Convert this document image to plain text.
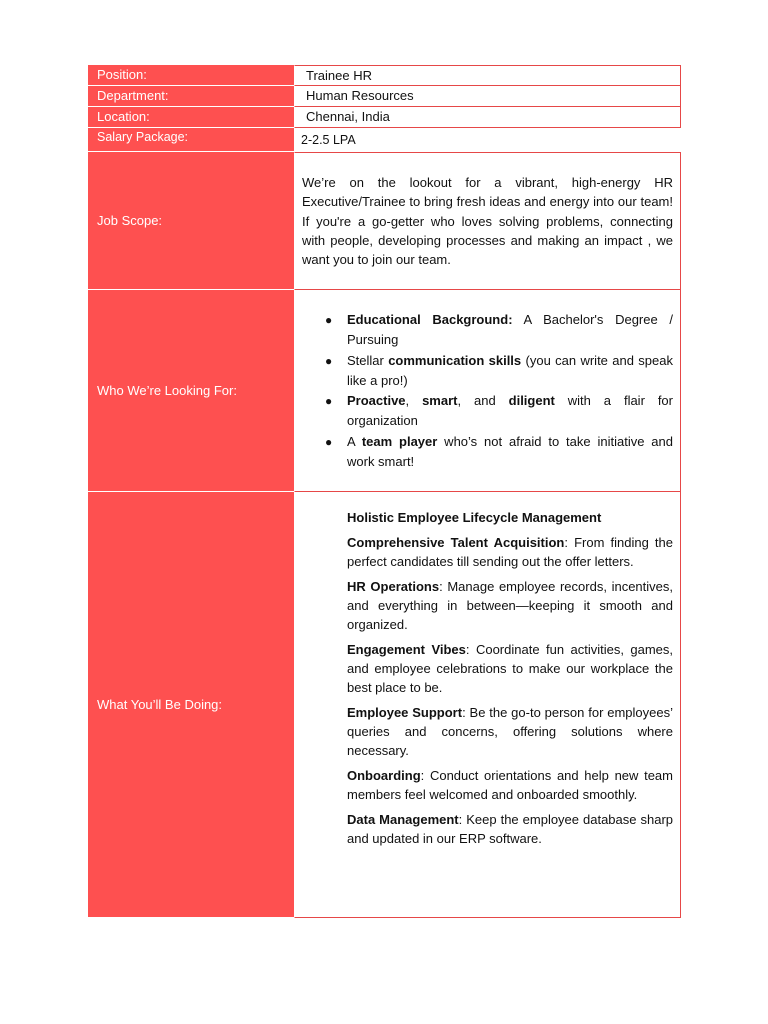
Position:	Trainee HR
Department:	Human Resources
Location:	Chennai, India
Salary Package:	2-2.5 LPA
Job Scope:
We’re on the lookout for a vibrant, high-energy HR Executive/Trainee to bring fresh ideas and energy into our team! If you're a go-getter who loves solving problems, connecting with people, developing processes and making an impact , we want you to join our team.
Who We’re Looking For:
● Educational Background: A Bachelor's Degree / Pursuing
● Stellar communication skills (you can write and speak like a pro!)
● Proactive, smart, and diligent with a flair for organization
● A team player who’s not afraid to take initiative and work smart!
What You’ll Be Doing:
Holistic Employee Lifecycle Management
Comprehensive Talent Acquisition: From finding the perfect candidates till sending out the offer letters.
HR Operations: Manage employee records, incentives, and everything in between—keeping it smooth and organized.
Engagement Vibes: Coordinate fun activities, games, and employee celebrations to make our workplace the best place to be.
Employee Support: Be the go-to person for employees’ queries and concerns, offering solutions where necessary.
Onboarding: Conduct orientations and help new team members feel welcomed and onboarded smoothly.
Data Management: Keep the employee database sharp and updated in our ERP software.
